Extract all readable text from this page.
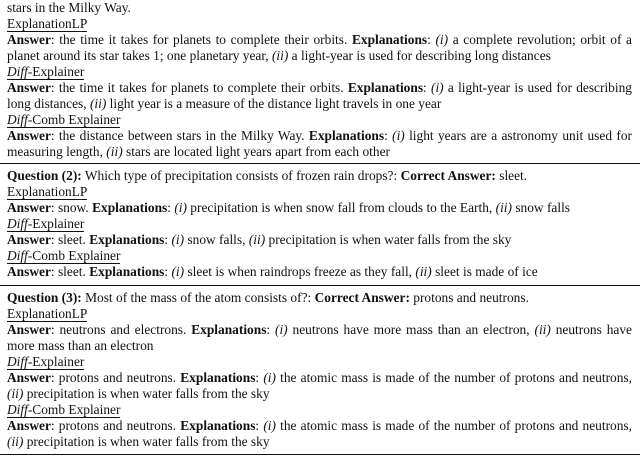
stars in the Milky Way.
ExplanationLP
Answer: the time it takes for planets to complete their orbits. Explanations: (i) a complete revolution; orbit of a planet around its star takes 1; one planetary year, (ii) a light-year is used for describing long distances
Diff-Explainer
Answer: the time it takes for planets to complete their orbits. Explanations: (i) a light-year is used for describing long distances, (ii) light year is a measure of the distance light travels in one year
Diff-Comb Explainer
Answer: the distance between stars in the Milky Way. Explanations: (i) light years are a astronomy unit used for measuring length, (ii) stars are located light years apart from each other
Question (2): Which type of precipitation consists of frozen rain drops?: Correct Answer: sleet.
ExplanationLP
Answer: snow. Explanations: (i) precipitation is when snow fall from clouds to the Earth, (ii) snow falls
Diff-Explainer
Answer: sleet. Explanations: (i) snow falls, (ii) precipitation is when water falls from the sky
Diff-Comb Explainer
Answer: sleet. Explanations: (i) sleet is when raindrops freeze as they fall, (ii) sleet is made of ice
Question (3): Most of the mass of the atom consists of?: Correct Answer: protons and neutrons.
ExplanationLP
Answer: neutrons and electrons. Explanations: (i) neutrons have more mass than an electron, (ii) neutrons have more mass than an electron
Diff-Explainer
Answer: protons and neutrons. Explanations: (i) the atomic mass is made of the number of protons and neutrons, (ii) precipitation is when water falls from the sky
Diff-Comb Explainer
Answer: protons and neutrons. Explanations: (i) the atomic mass is made of the number of protons and neutrons, (ii) precipitation is when water falls from the sky
